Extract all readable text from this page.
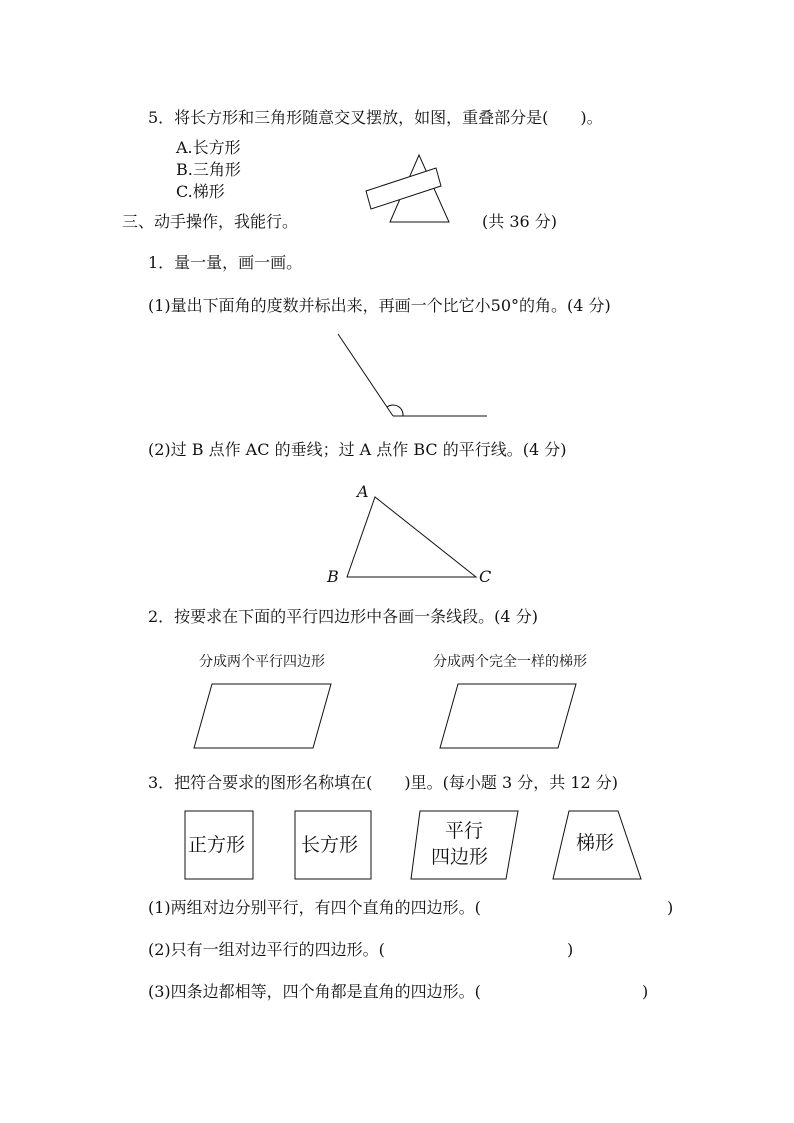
5．将长方形和三角形随意交叉摆放，如图，重叠部分是(　　)。
A.长方形
B.三角形
C.梯形
三、动手操作，我能行。	(共 36 分)
1．量一量，画一画。
(1)量出下面角的度数并标出来，再画一个比它小50°的角。(4 分)
(2)过 B 点作 AC 的垂线；过 A 点作 BC 的平行线。(4 分)
A
B	C
2．按要求在下面的平行四边形中各画一条线段。(4 分)
分成两个平行四边形	分成两个完全一样的梯形
3．把符合要求的图形名称填在(　　)里。(每小题 3 分，共 12 分)
正方形	长方形
平行
四边形
梯形
(1)两组对边分别平行，有四个直角的四边形。(	)
(2)只有一组对边平行的四边形。(	)
(3)四条边都相等，四个角都是直角的四边形。(	)
